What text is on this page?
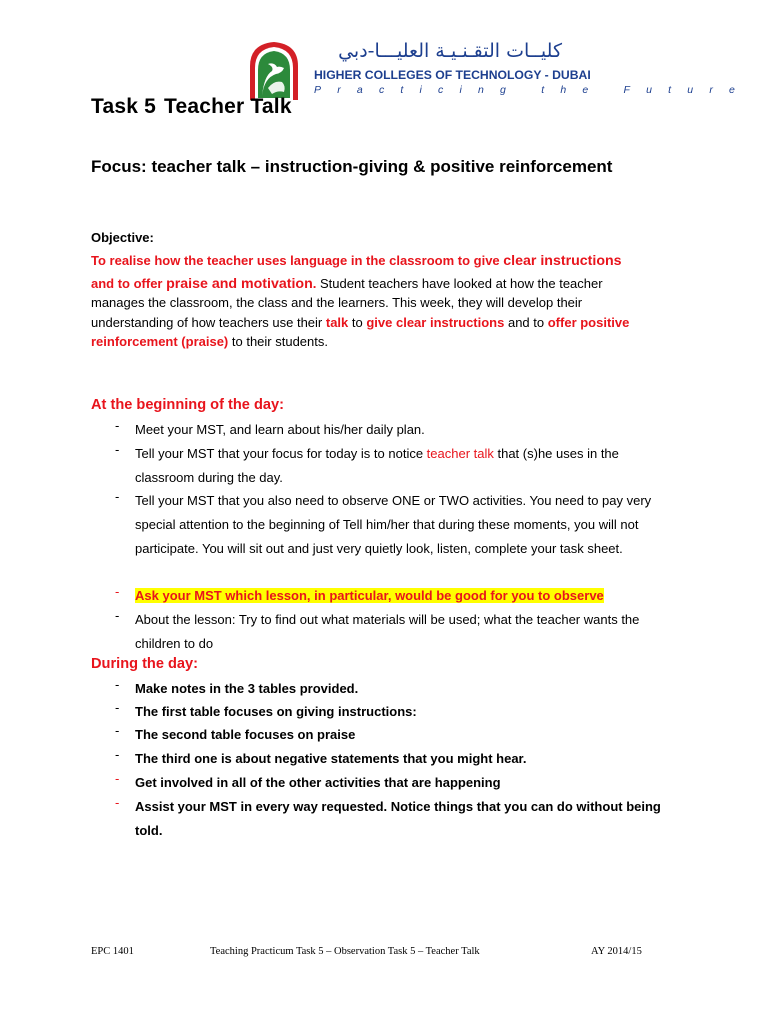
كليــات التقـنـيـة العليـــا-دبي
HIGHER COLLEGES OF TECHNOLOGY - DUBAI
Practicing the Future
Task 5 Teacher Talk
Focus: teacher talk – instruction-giving & positive reinforcement
Objective:
To realise how the teacher uses language in the classroom to give clear instructions
and to offer praise and motivation. Student teachers have looked at how the teacher
manages the classroom, the class and the learners. This week, they will develop their
understanding of how teachers use their talk to give clear instructions and to offer positive
reinforcement (praise) to their students.
At the beginning of the day:
- Meet your MST, and learn about his/her daily plan.
- Tell your MST that your focus for today is to notice teacher talk that (s)he uses in the classroom during the day.
- Tell your MST that you also need to observe ONE or TWO activities. You need to pay very special attention to the beginning of Tell him/her that during these moments, you will not participate. You will sit out and just very quietly look, listen, complete your task sheet.
- Ask your MST which lesson, in particular, would be good for you to observe
- About the lesson: Try to find out what materials will be used; what the teacher wants the children to do
During the day:
- Make notes in the 3 tables provided.
- The first table focuses on giving instructions:
- The second table focuses on praise
- The third one is about negative statements that you might hear.
- Get involved in all of the other activities that are happening
- Assist your MST in every way requested. Notice things that you can do without being told.
EPC 1401	Teaching Practicum Task 5 – Observation Task 5 – Teacher Talk	AY 2014/15
